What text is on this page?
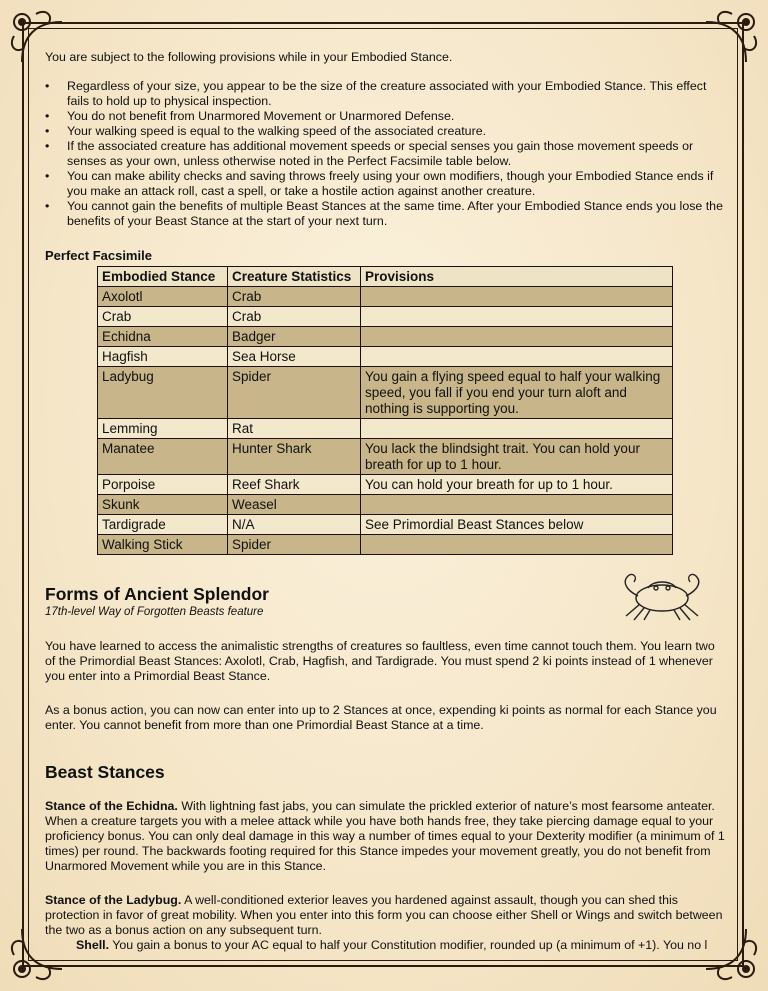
You are subject to the following provisions while in your Embodied Stance.

• Regardless of your size, you appear to be the size of the creature associated with your Embodied Stance. This effect fails to hold up to physical inspection.
• You do not benefit from Unarmored Movement or Unarmored Defense.
• Your walking speed is equal to the walking speed of the associated creature.
• If the associated creature has additional movement speeds or special senses you gain those movement speeds or senses as your own, unless otherwise noted in the Perfect Facsimile table below.
• You can make ability checks and saving throws freely using your own modifiers, though your Embodied Stance ends if you make an attack roll, cast a spell, or take a hostile action against another creature.
• You cannot gain the benefits of multiple Beast Stances at the same time. After your Embodied Stance ends you lose the benefits of your Beast Stance at the start of your next turn.

Perfect Facsimile

Embodied Stance	Creature Statistics	Provisions
Axolotl	Crab	
Crab	Crab	
Echidna	Badger	
Hagfish	Sea Horse	
Ladybug	Spider	You gain a flying speed equal to half your walking speed, you fall if you end your turn aloft and nothing is supporting you.
Lemming	Rat	
Manatee	Hunter Shark	You lack the blindsight trait. You can hold your breath for up to 1 hour.
Porpoise	Reef Shark	You can hold your breath for up to 1 hour.
Skunk	Weasel	
Tardigrade	N/A	See Primordial Beast Stances below
Walking Stick	Spider	
Forms of Ancient Splendor

17th-level Way of Forgotten Beasts feature

You have learned to access the animalistic strengths of creatures so faultless, even time cannot touch them. You learn two of the Primordial Beast Stances: Axolotl, Crab, Hagfish, and Tardigrade. You must spend 2 ki points instead of 1 whenever you enter into a Primordial Beast Stance.

As a bonus action, you can now can enter into up to 2 Stances at once, expending ki points as normal for each Stance you enter. You cannot benefit from more than one Primordial Beast Stance at a time.

Beast Stances

Stance of the Echidna. With lightning fast jabs, you can simulate the prickled exterior of nature’s most fearsome anteater. When a creature targets you with a melee attack while you have both hands free, they take piercing damage equal to your proficiency bonus. You can only deal damage in this way a number of times equal to your Dexterity modifier (a minimum of 1 times) per round. The backwards footing required for this Stance impedes your movement greatly, you do not benefit from Unarmored Movement while you are in this Stance.

Stance of the Ladybug. A well-conditioned exterior leaves you hardened against assault, though you can shed this protection in favor of great mobility. When you enter into this form you can choose either Shell or Wings and switch between the two as a bonus action on any subsequent turn.

Shell. You gain a bonus to your AC equal to half your Constitution modifier, rounded up (a minimum of +1). You no l
